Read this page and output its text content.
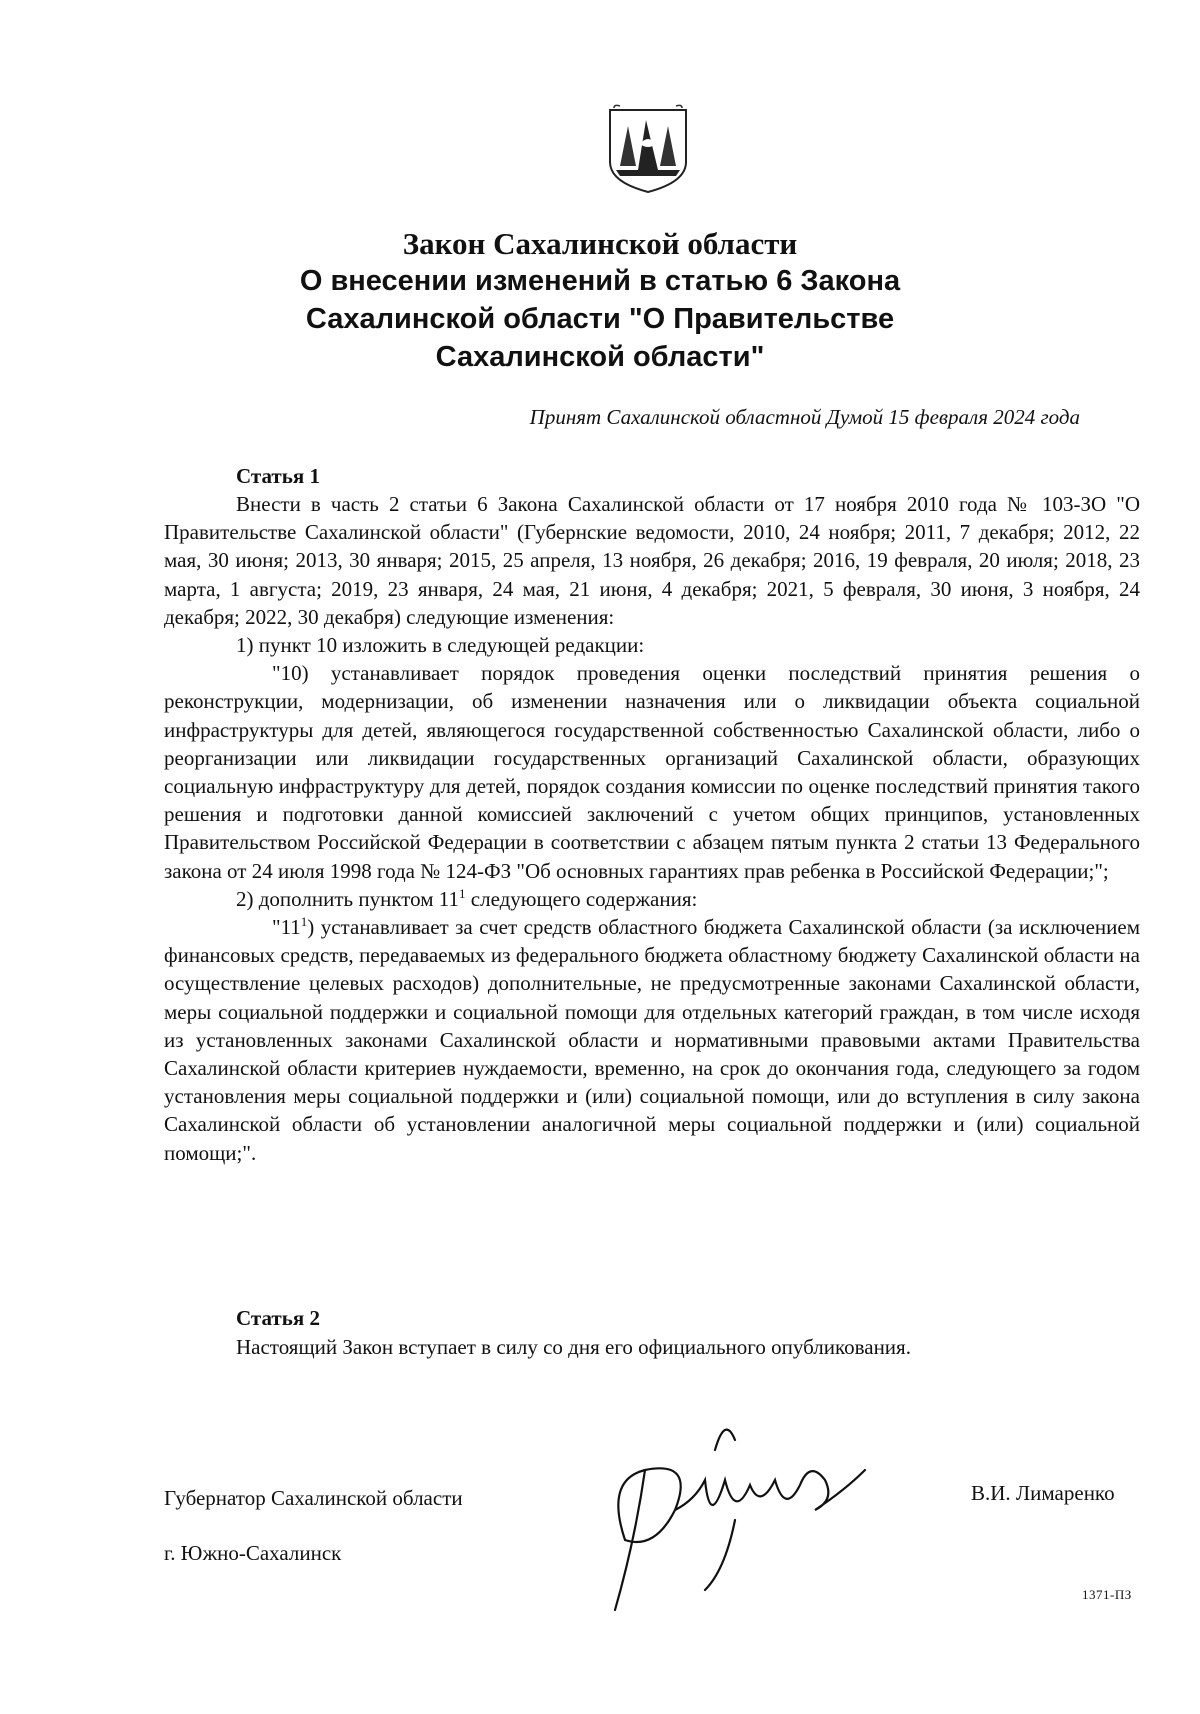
Закон Сахалинской области
О внесении изменений в статью 6 Закона
Сахалинской области "О Правительстве
Сахалинской области"
Принят Сахалинской областной Думой 15 февраля 2024 года
Статья 1

Внести в часть 2 статьи 6 Закона Сахалинской области от 17 ноября 2010 года № 103-ЗО "О Правительстве Сахалинской области" (Губернские ведомости, 2010, 24 ноября; 2011, 7 декабря; 2012, 22 мая, 30 июня; 2013, 30 января; 2015, 25 апреля, 13 ноября, 26 декабря; 2016, 19 февраля, 20 июля; 2018, 23 марта, 1 августа; 2019, 23 января, 24 мая, 21 июня, 4 декабря; 2021, 5 февраля, 30 июня, 3 ноября, 24 декабря; 2022, 30 декабря) следующие изменения:

1) пункт 10 изложить в следующей редакции:

"10) устанавливает порядок проведения оценки последствий принятия решения о реконструкции, модернизации, об изменении назначения или о ликвидации объекта социальной инфраструктуры для детей, являющегося государственной собственностью Сахалинской области, либо о реорганизации или ликвидации государственных организаций Сахалинской области, образующих социальную инфраструктуру для детей, порядок создания комиссии по оценке последствий принятия такого решения и подготовки данной комиссией заключений с учетом общих принципов, установленных Правительством Российской Федерации в соответствии с абзацем пятым пункта 2 статьи 13 Федерального закона от 24 июля 1998 года № 124-ФЗ "Об основных гарантиях прав ребенка в Российской Федерации;";

2) дополнить пунктом $11^1$ следующего содержания:

"$11^1$) устанавливает за счет средств областного бюджета Сахалинской области (за исключением финансовых средств, передаваемых из федерального бюджета областному бюджету Сахалинской области на осуществление целевых расходов) дополнительные, не предусмотренные законами Сахалинской области, меры социальной поддержки и социальной помощи для отдельных категорий граждан, в том числе исходя из установленных законами Сахалинской области и нормативными правовыми актами Правительства Сахалинской области критериев нуждаемости, временно, на срок до окончания года, следующего за годом установления меры социальной поддержки и (или) социальной помощи, или до вступления в силу закона Сахалинской области об установлении аналогичной меры социальной поддержки и (или) социальной помощи;".

Статья 2
Настоящий Закон вступает в силу со дня его официального опубликования.
Губернатор Сахалинской области	В.И. Лимаренко
г. Южно-Сахалинск
1371-ПЗ
